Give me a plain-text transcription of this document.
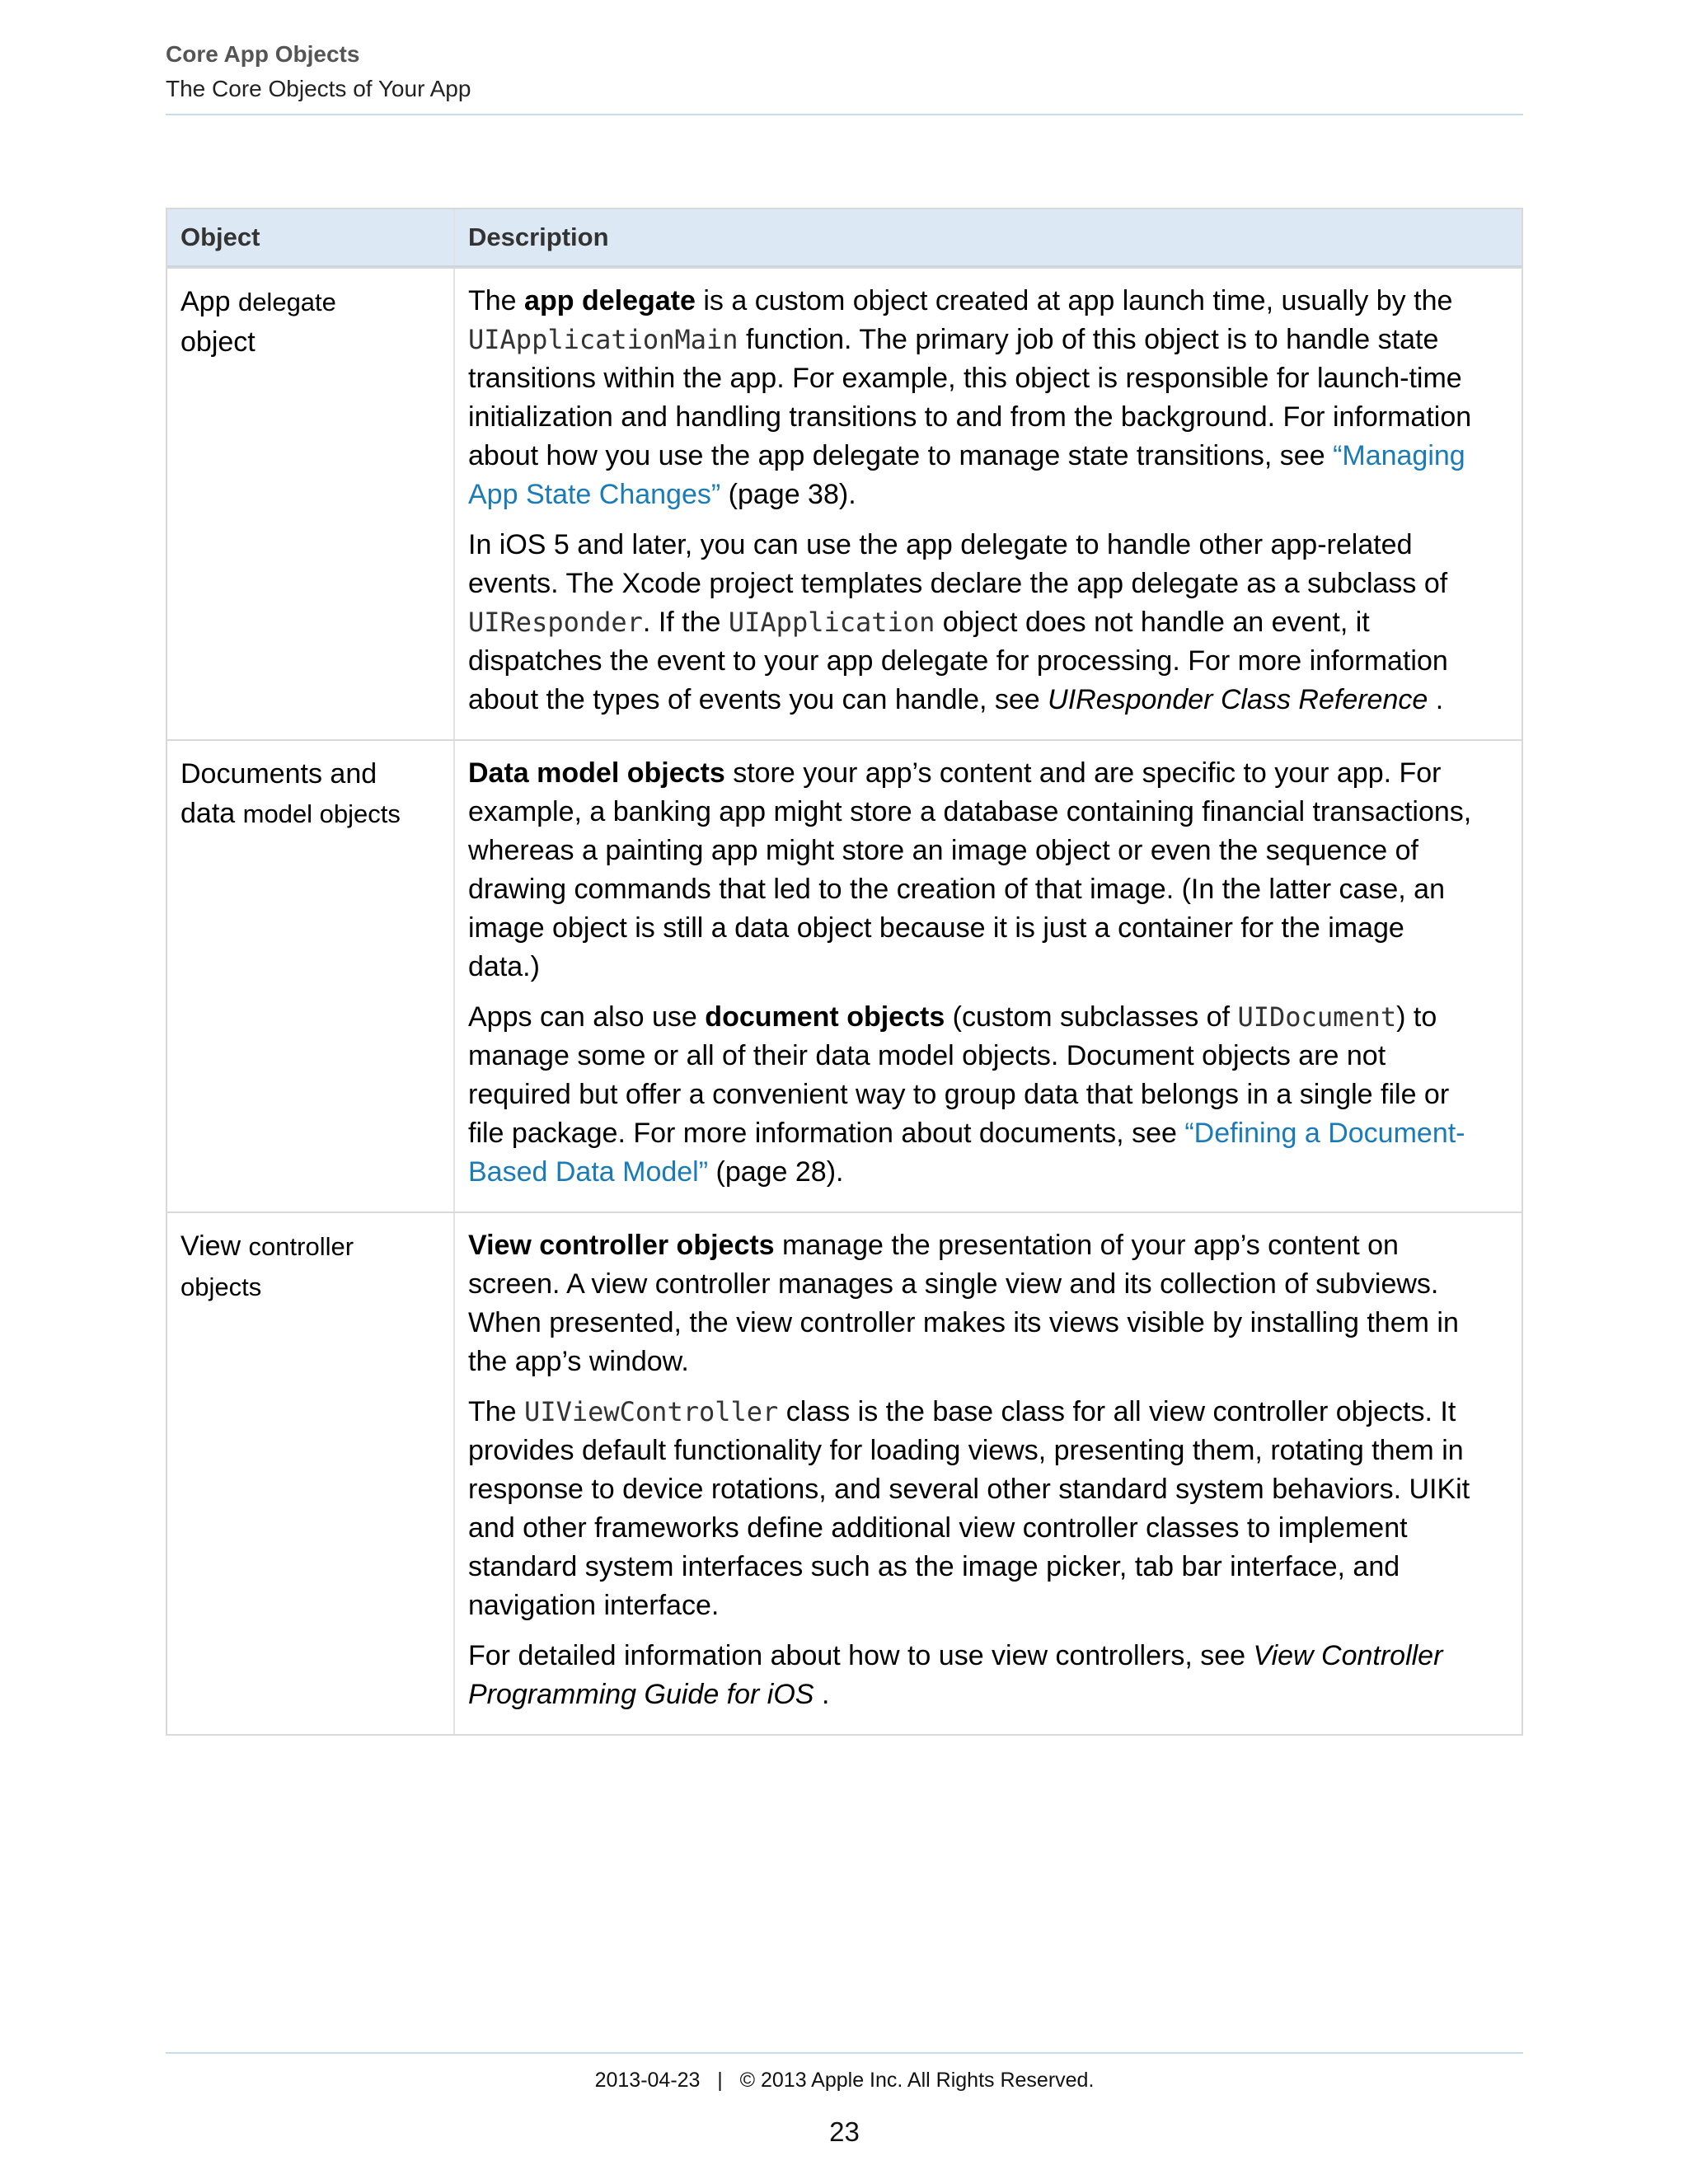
Core App Objects
The Core Objects of Your App
Object	Description
App delegate
object

The app delegate is a custom object created at app launch time, usually by the UIApplicationMain function. The primary job of this object is to handle state transitions within the app. For example, this object is responsible for launch-time initialization and handling transitions to and from the background. For information about how you use the app delegate to manage state transitions, see “Managing App State Changes” (page 38).

In iOS 5 and later, you can use the app delegate to handle other app-related events. The Xcode project templates declare the app delegate as a subclass of UIResponder. If the UIApplication object does not handle an event, it dispatches the event to your app delegate for processing. For more information about the types of events you can handle, see UIResponder Class Reference .

Documents and
data model objects

Data model objects store your app’s content and are specific to your app. For example, a banking app might store a database containing financial transactions, whereas a painting app might store an image object or even the sequence of drawing commands that led to the creation of that image. (In the latter case, an image object is still a data object because it is just a container for the image data.)

Apps can also use document objects (custom subclasses of UIDocument) to manage some or all of their data model objects. Document objects are not required but offer a convenient way to group data that belongs in a single file or file package. For more information about documents, see “Defining a Document-Based Data Model” (page 28).

View controller
objects

View controller objects manage the presentation of your app’s content on screen. A view controller manages a single view and its collection of subviews. When presented, the view controller makes its views visible by installing them in the app’s window.

The UIViewController class is the base class for all view controller objects. It provides default functionality for loading views, presenting them, rotating them in response to device rotations, and several other standard system behaviors. UIKit and other frameworks define additional view controller classes to implement standard system interfaces such as the image picker, tab bar interface, and navigation interface.

For detailed information about how to use view controllers, see View Controller Programming Guide for iOS .

2013-04-23   |   © 2013 Apple Inc. All Rights Reserved.
23
